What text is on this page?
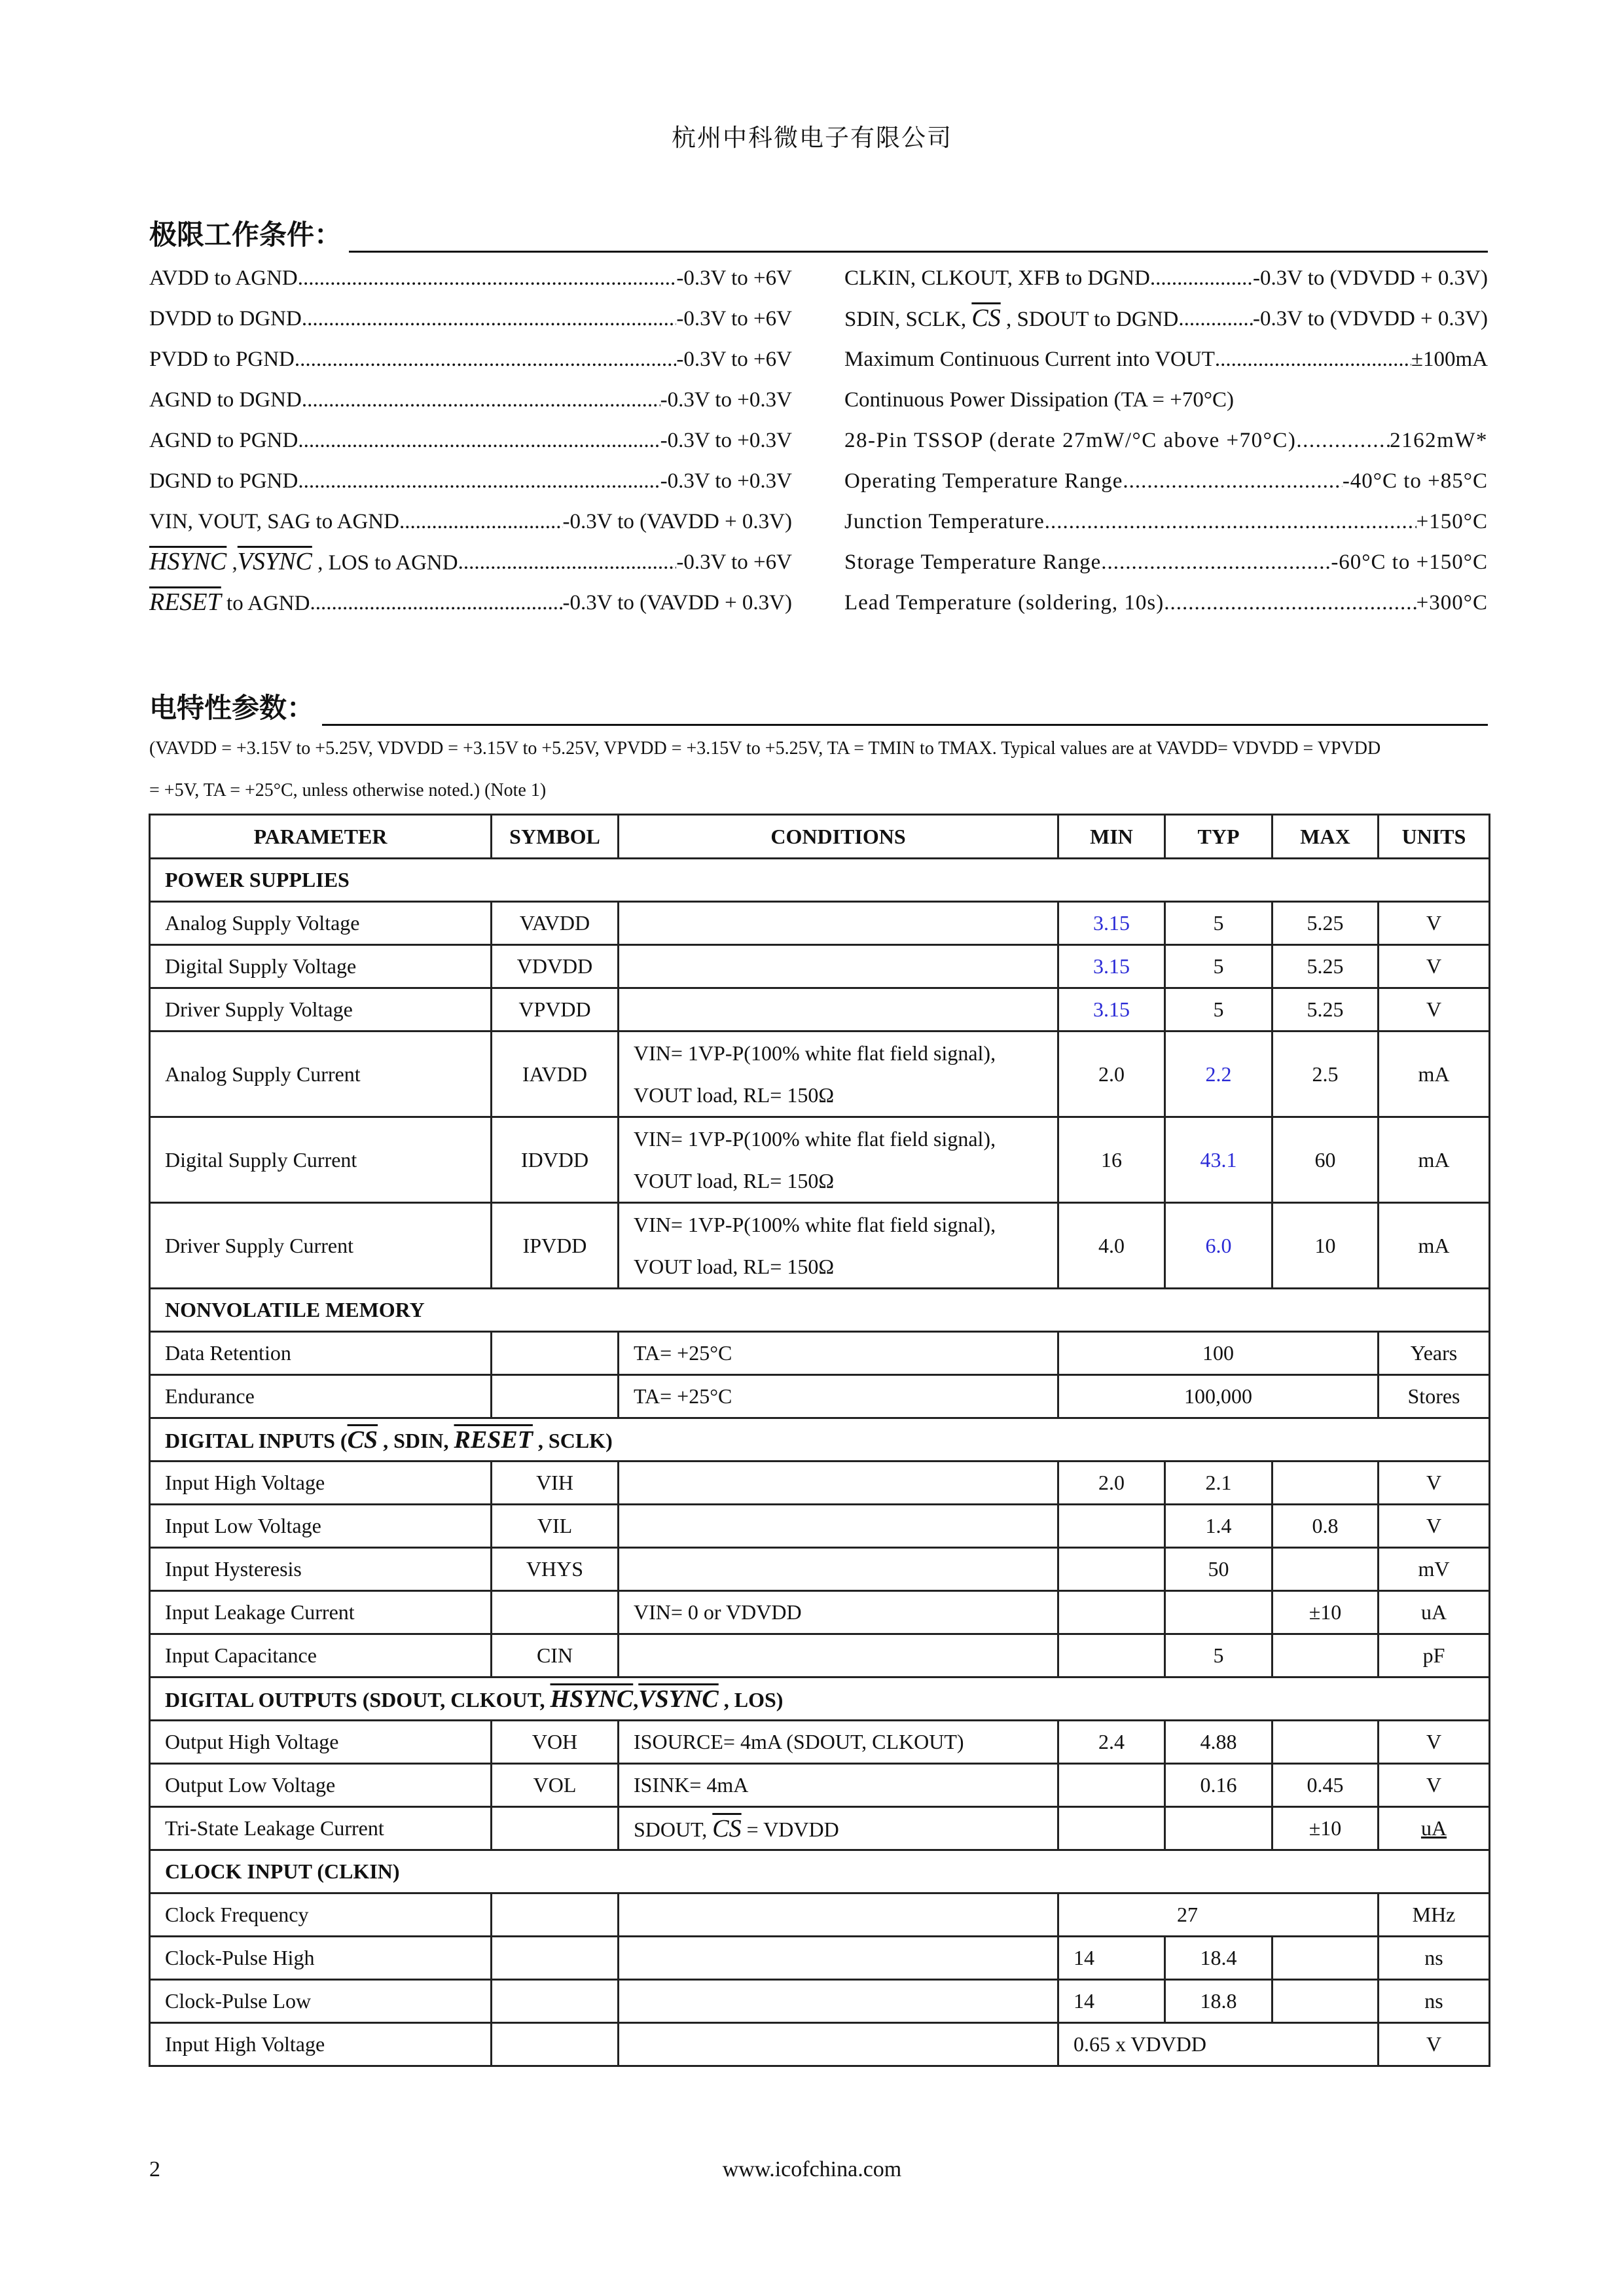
杭州中科微电子有限公司
极限工作条件：
AVDD to AGND .....	-0.3V to +6V
DVDD to DGND .....	-0.3V to +6V
PVDD to PGND .....	-0.3V to +6V
AGND to DGND .....	-0.3V to +0.3V
AGND to PGND .....	-0.3V to +0.3V
DGND to PGND .....	-0.3V to +0.3V
VIN, VOUT, SAG to AGND .....	-0.3V to (VAVDD + 0.3V)
HSYNC ,VSYNC , LOS to AGND .....	-0.3V to +6V
RESET to AGND .....	-0.3V to (VAVDD + 0.3V)
CLKIN, CLKOUT, XFB to DGND .....	-0.3V to (VDVDD + 0.3V)
SDIN, SCLK, $\overline{CS}$ , SDOUT to DGND .....	-0.3V to (VDVDD + 0.3V)
Maximum Continuous Current into VOUT .....	±100mA
Continuous Power Dissipation (TA = +70°C)
28-Pin TSSOP (derate 27mW/°C above +70°C) .....	2162mW*
Operating Temperature Range .....	-40°C to +85°C
Junction Temperature .....	+150°C
Storage Temperature Range .....	-60°C to +150°C
Lead Temperature (soldering, 10s) .....	+300°C
电特性参数：
(VAVDD = +3.15V to +5.25V, VDVDD = +3.15V to +5.25V, VPVDD = +3.15V to +5.25V, TA = TMIN to TMAX. Typical values are at VAVDD= VDVDD = VPVDD
= +5V, TA = +25°C, unless otherwise noted.) (Note 1)
PARAMETER	SYMBOL	CONDITIONS	MIN	TYP	MAX	UNITS
POWER SUPPLIES						
Analog Supply Voltage	VAVDD		3.15	5	5.25	V
Digital Supply Voltage	VDVDD		3.15	5	5.25	V
Driver Supply Voltage	VPVDD		3.15	5	5.25	V
Analog Supply Current	IAVDD	VIN= 1VP-P(100% white flat field signal),
VOUT load, RL= 150Ω	2.0	2.2	2.5	mA
Digital Supply Current	IDVDD	VIN= 1VP-P(100% white flat field signal),
VOUT load, RL= 150Ω	16	43.1	60	mA
Driver Supply Current	IPVDD	VIN= 1VP-P(100% white flat field signal),
VOUT load, RL= 150Ω	4.0	6.0	10	mA
NONVOLATILE MEMORY						
Data Retention		TA= +25°C	100			Years
Endurance		TA= +25°C	100,000			Stores
DIGITAL INPUTS ($\overline{CS}$ , SDIN, RESET , SCLK)						
Input High Voltage	VIH		2.0	2.1		V
Input Low Voltage	VIL			1.4	0.8	V
Input Hysteresis	VHYS			50		mV
Input Leakage Current		VIN= 0 or VDVDD			±10	uA
Input Capacitance	CIN			5		pF
DIGITAL OUTPUTS (SDOUT, CLKOUT, HSYNC,VSYNC , LOS)						
Output High Voltage	VOH	ISOURCE= 4mA (SDOUT, CLKOUT)	2.4	4.88		V
Output Low Voltage	VOL	ISINK= 4mA		0.16	0.45	V
Tri-State Leakage Current		SDOUT, $\overline{CS}$ = VDVDD			±10	uA
CLOCK INPUT (CLKIN)						
Clock Frequency			27			MHz
Clock-Pulse High			14	18.4		ns
Clock-Pulse Low			14	18.8		ns
Input High Voltage			0.65 x VDVDD			V
2	www.icofchina.com
